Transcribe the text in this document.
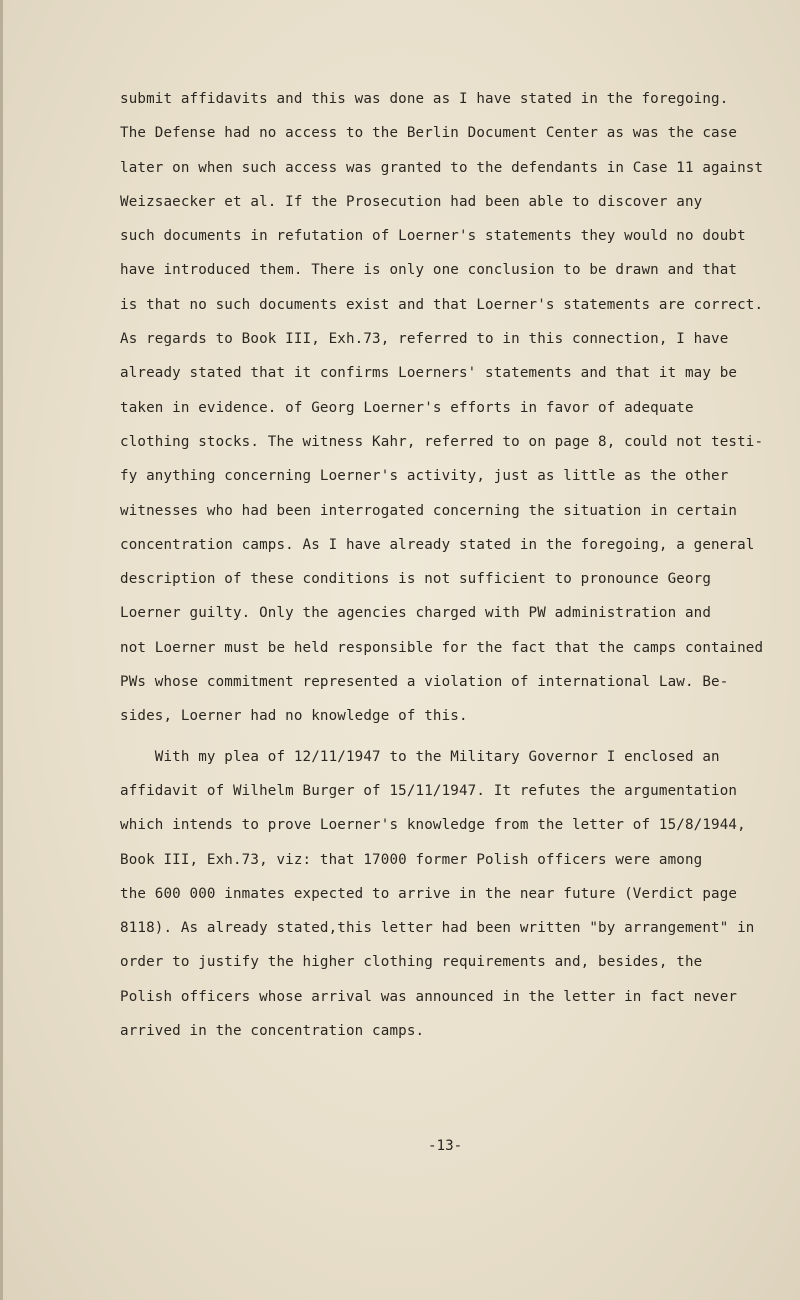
submit affidavits and this was done as I have stated in the foregoing.
The Defense had no access to the Berlin Document Center as was the case
later on when such access was granted to the defendants in Case 11 against
Weizsaecker et al. If the Prosecution had been able to discover any
such documents in refutation of Loerner's statements they would no doubt
have introduced them. There is only one conclusion to be drawn and that
is that no such documents exist and that Loerner's statements are correct.
As regards to Book III, Exh.73, referred to in this connection, I have
already stated that it confirms Loerners' statements and that it may be
taken in evidence. of Georg Loerner's efforts in favor of adequate
clothing stocks. The witness Kahr, referred to on page 8, could not testi-
fy anything concerning Loerner's activity, just as little as the other
witnesses who had been interrogated concerning the situation in certain
concentration camps. As I have already stated in the foregoing, a general
description of these conditions is not sufficient to pronounce Georg
Loerner guilty. Only the agencies charged with PW administration and
not Loerner must be held responsible for the fact that the camps contained
PWs whose commitment represented a violation of international Law. Be-
sides, Loerner had no knowledge of this.
With my plea of 12/11/1947 to the Military Governor I enclosed an
affidavit of Wilhelm Burger of 15/11/1947. It refutes the argumentation
which intends to prove Loerner's knowledge from the letter of 15/8/1944,
Book III, Exh.73, viz: that 17000 former Polish officers were among
the 600 000 inmates expected to arrive in the near future (Verdict page
8118). As already stated,this letter had been written "by arrangement" in
order to justify the higher clothing requirements and, besides, the
Polish officers whose arrival was announced in the letter in fact never
arrived in the concentration camps.
-13-
